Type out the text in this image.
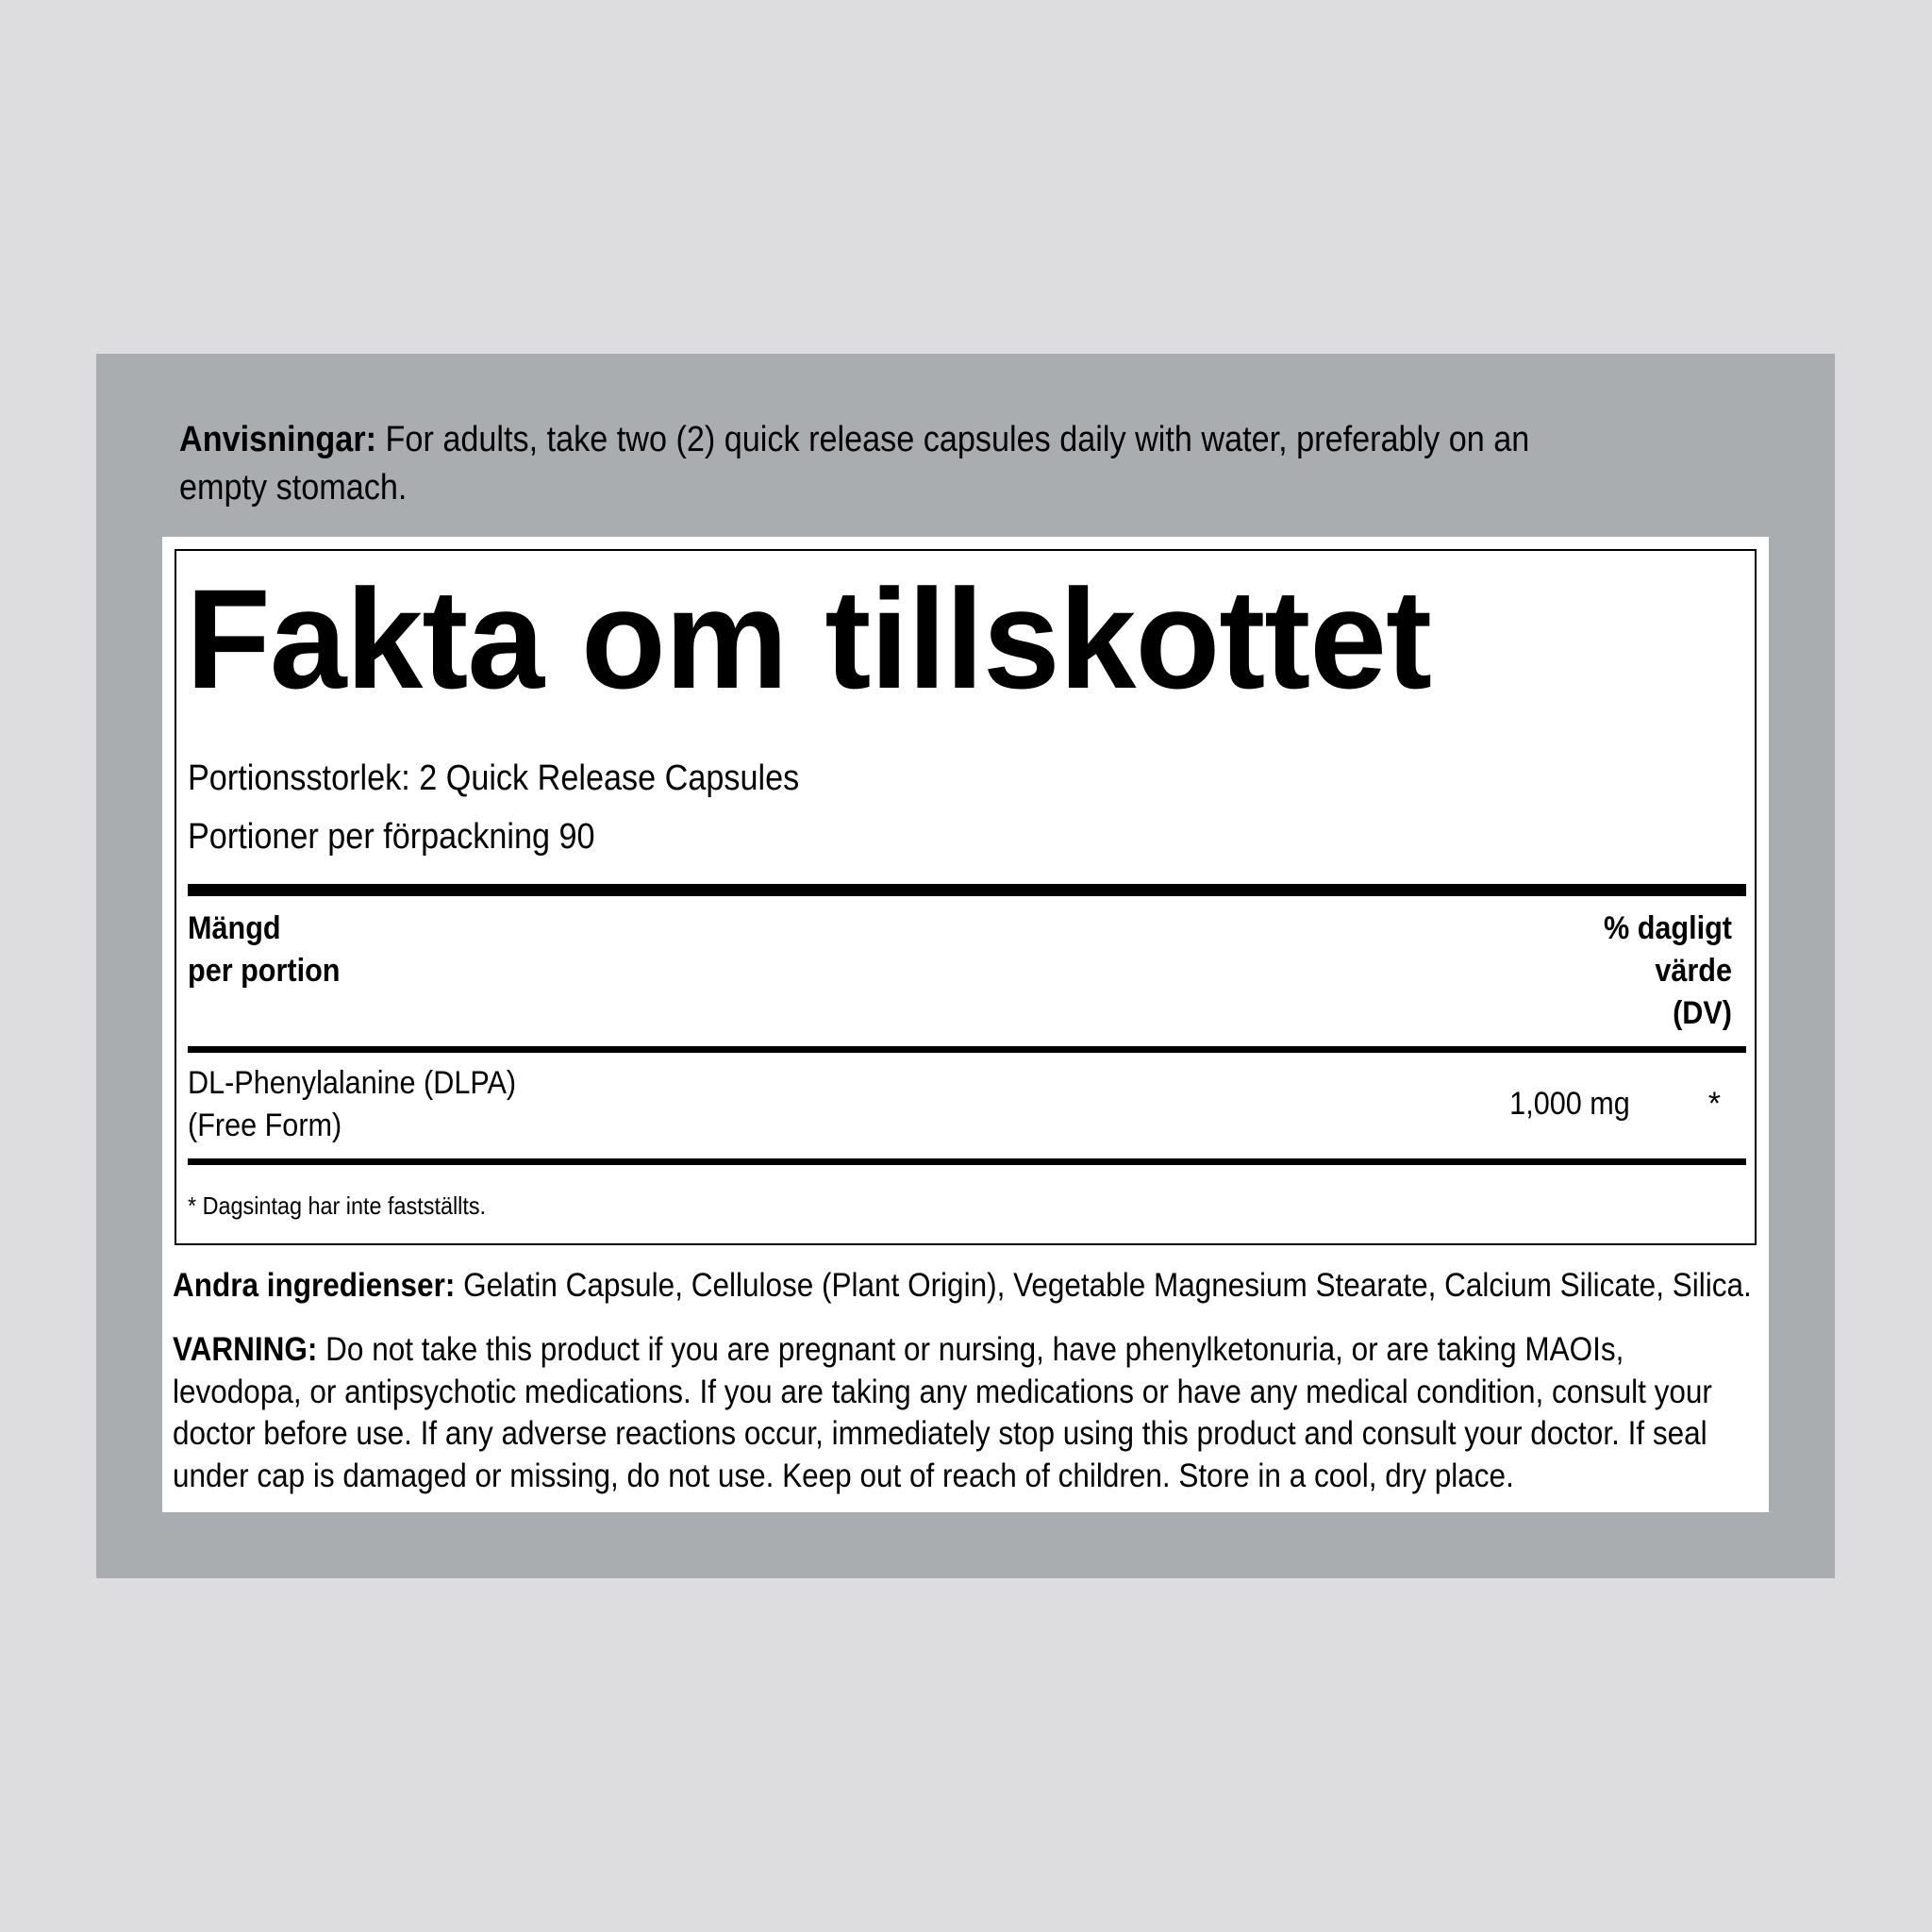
Anvisningar: For adults, take two (2) quick release capsules daily with water, preferably on an empty stomach.
Fakta om tillskottet
Portionsstorlek: 2 Quick Release Capsules
Portioner per förpackning 90
Mängd
per portion
% dagligt
värde
(DV)
DL-Phenylalanine (DLPA)
(Free Form)
1,000 mg *
* Dagsintag har inte fastställts.
Andra ingredienser: Gelatin Capsule, Cellulose (Plant Origin), Vegetable Magnesium Stearate, Calcium Silicate, Silica.
VARNING: Do not take this product if you are pregnant or nursing, have phenylketonuria, or are taking MAOIs, levodopa, or antipsychotic medications. If you are taking any medications or have any medical condition, consult your doctor before use. If any adverse reactions occur, immediately stop using this product and consult your doctor. If seal under cap is damaged or missing, do not use. Keep out of reach of children. Store in a cool, dry place.
